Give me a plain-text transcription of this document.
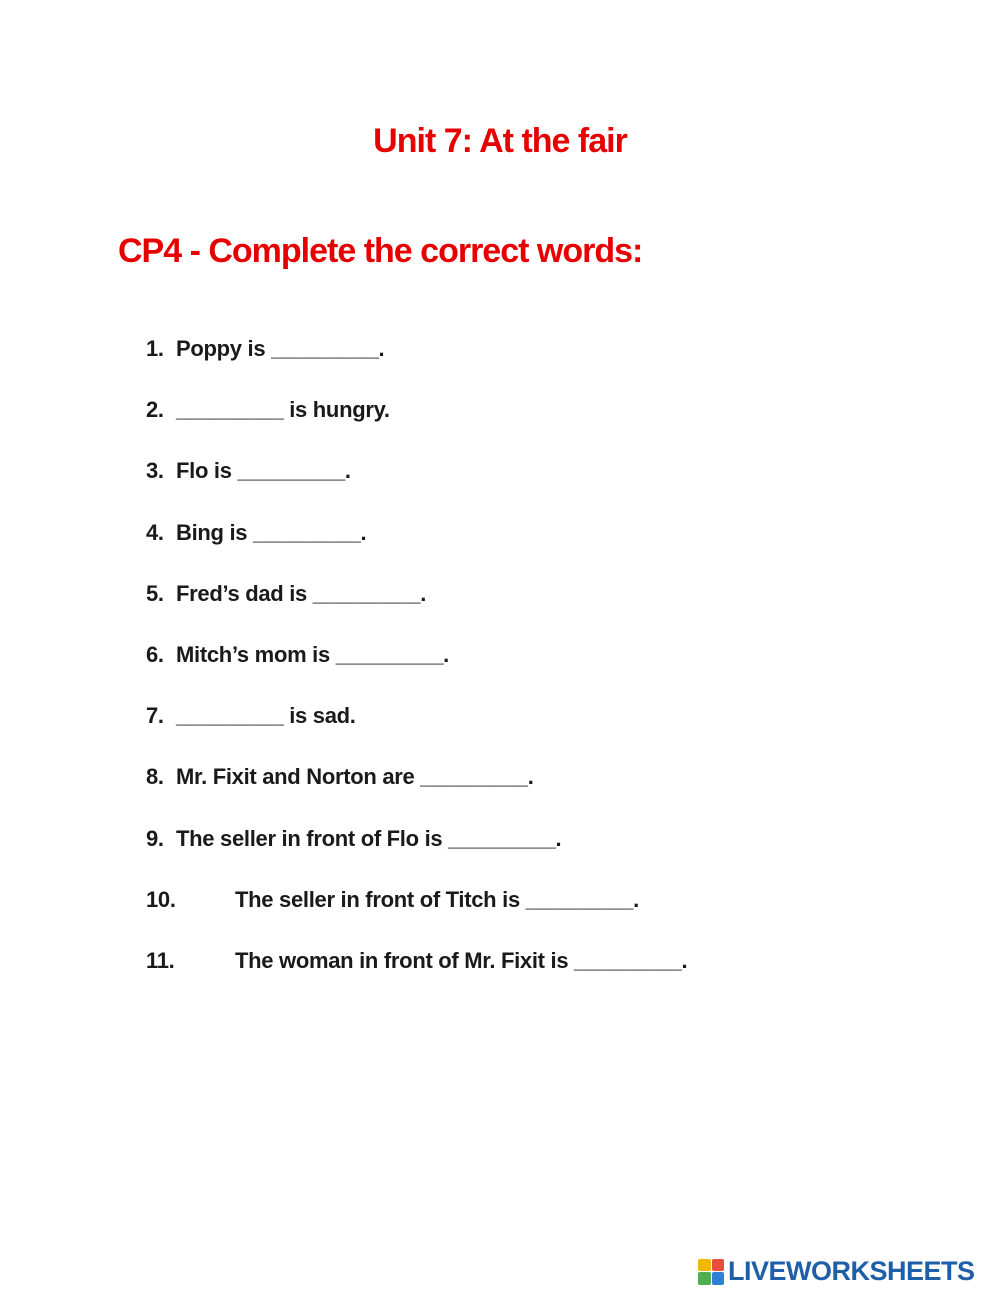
Unit 7: At the fair
CP4 - Complete the correct words:
1. Poppy is _________.
2. _________ is hungry.
3. Flo is _________.
4. Bing is _________.
5. Fred’s dad is _________.
6. Mitch’s mom is _________.
7. _________ is sad.
8. Mr. Fixit and Norton are _________.
9. The seller in front of Flo is _________.
10.	The seller in front of Titch is _________.
11.	The woman in front of Mr. Fixit is _________.
LIVEWORKSHEETS
